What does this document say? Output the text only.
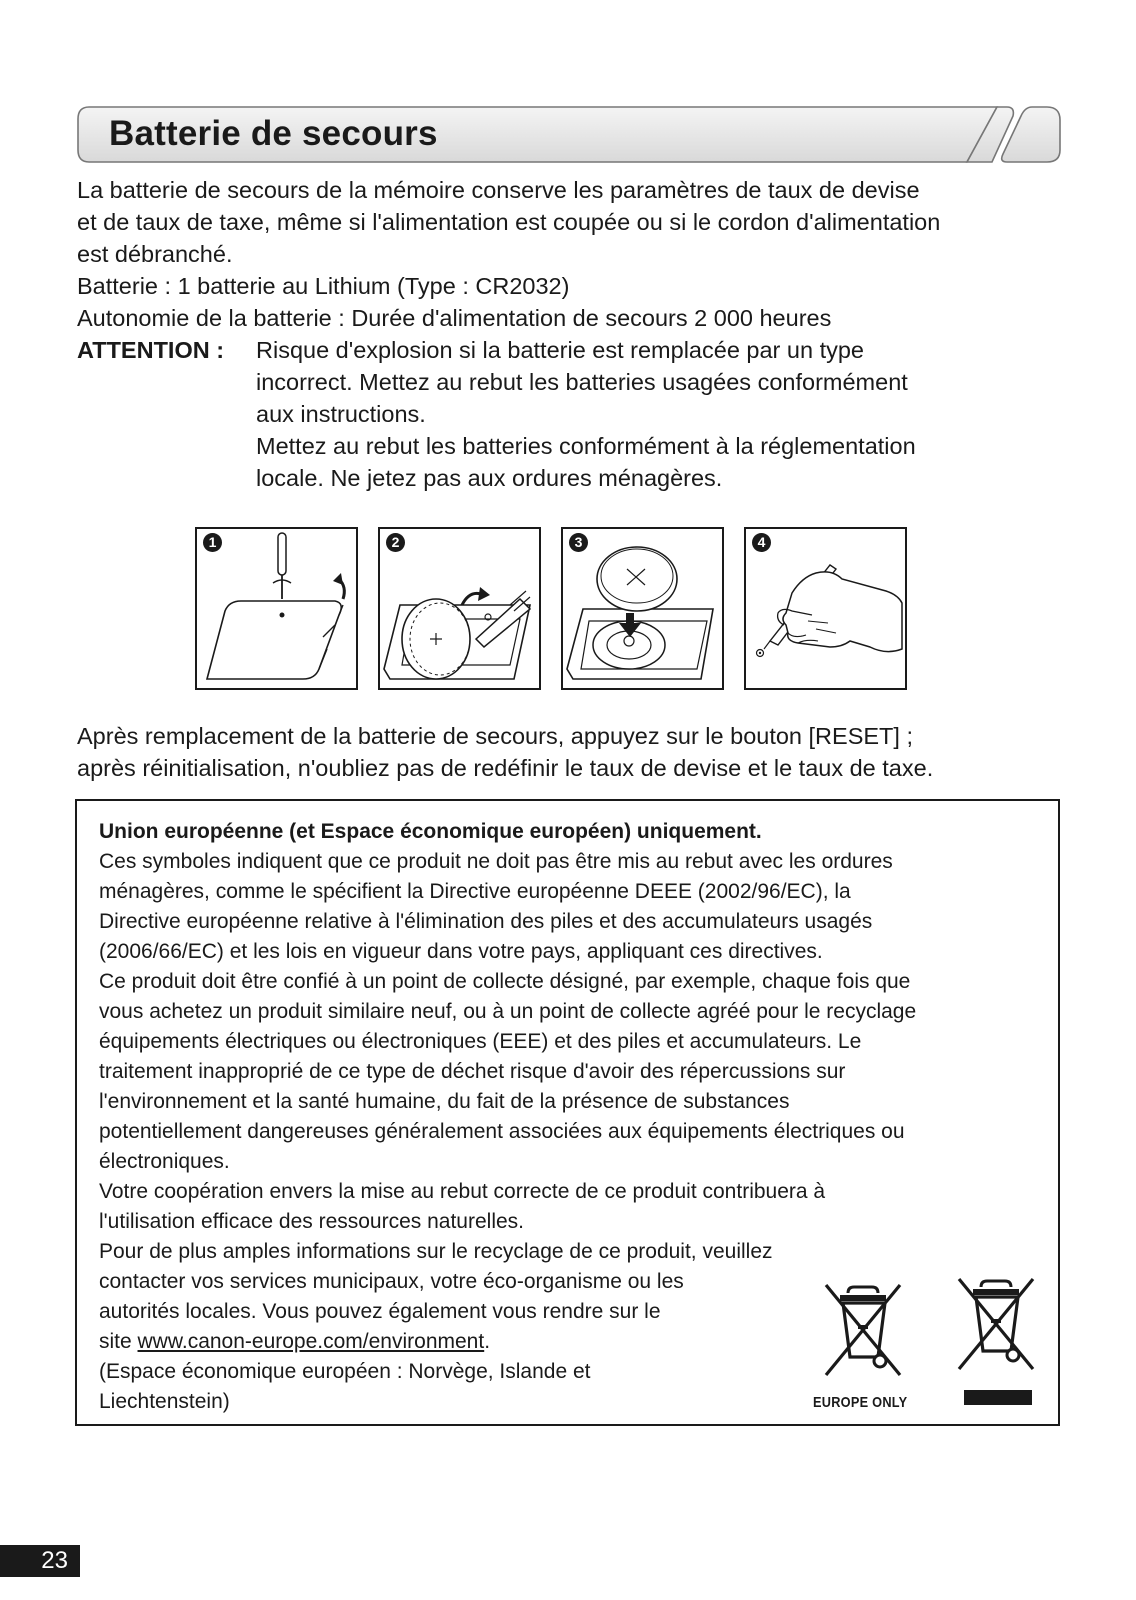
Batterie de secours

La batterie de secours de la mémoire conserve les paramètres de taux de devise

et de taux de taxe, même si l'alimentation est coupée ou si le cordon d'alimentation

est débranché.

Batterie : 1 batterie au Lithium (Type : CR2032)

Autonomie de la batterie : Durée d'alimentation de secours 2 000 heures

ATTENTION : Risque d'explosion si la batterie est remplacée par un type

incorrect. Mettez au rebut les batteries usagées conformément

aux instructions.

Mettez au rebut les batteries conformément à la réglementation

locale. Ne jetez pas aux ordures ménagères.

1	2	3	4

Après remplacement de la batterie de secours, appuyez sur le bouton [RESET] ;

après réinitialisation, n'oubliez pas de redéfinir le taux de devise et le taux de taxe.

Union européenne (et Espace économique européen) uniquement.

Ces symboles indiquent que ce produit ne doit pas être mis au rebut avec les ordures

ménagères, comme le spécifient la Directive européenne DEEE (2002/96/EC), la

Directive européenne relative à l'élimination des piles et des accumulateurs usagés

(2006/66/EC) et les lois en vigueur dans votre pays, appliquant ces directives.

Ce produit doit être confié à un point de collecte désigné, par exemple, chaque fois que

vous achetez un produit similaire neuf, ou à un point de collecte agréé pour le recyclage

équipements électriques ou électroniques (EEE) et des piles et accumulateurs. Le

traitement inapproprié de ce type de déchet risque d'avoir des répercussions sur

l'environnement et la santé humaine, du fait de la présence de substances

potentiellement dangereuses généralement associées aux équipements électriques ou

électroniques.

Votre coopération envers la mise au rebut correcte de ce produit contribuera à

l'utilisation efficace des ressources naturelles.

Pour de plus amples informations sur le recyclage de ce produit, veuillez

contacter vos services municipaux, votre éco-organisme ou les

autorités locales. Vous pouvez également vous rendre sur le

site www.canon-europe.com/environment.

(Espace économique européen : Norvège, Islande et

Liechtenstein)	EUROPE ONLY
23
